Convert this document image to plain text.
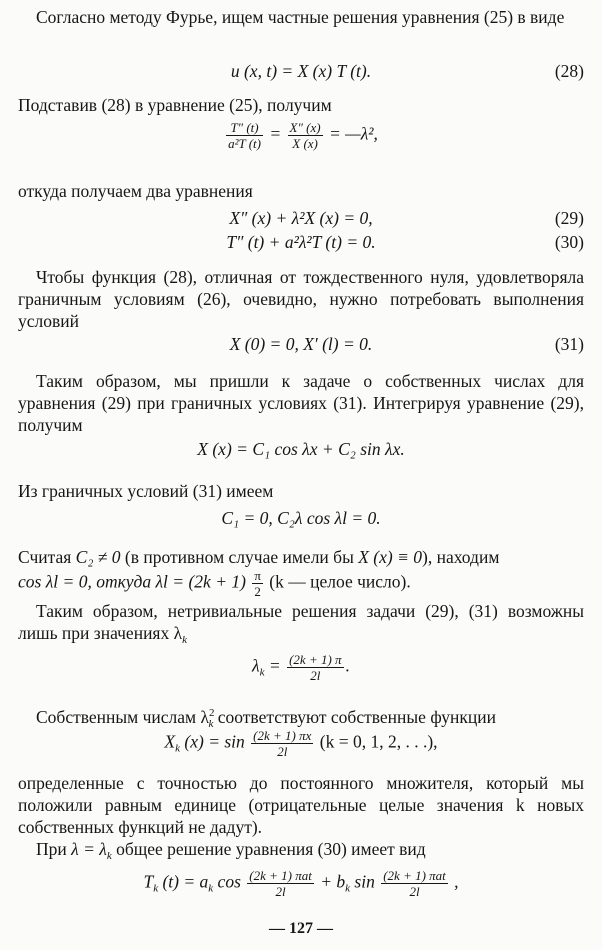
Согласно методу Фурье, ищем частные решения уравнения (25) в виде
u (x, t) = X (x) T (t).	(28)
Подставив (28) в уравнение (25), получим
$\frac{T'' (t)}{\text{a²T (t)}} = \frac{X'' (x)}{X (x)}$ = —λ²,
откуда получаем два уравнения
X″ (x) + λ²X (x) = 0,	(29)
T″ (t) + a²λ²T (t) = 0.	(30)
Чтобы функция (28), отличная от тождественного нуля, удовлетворяла граничным условиям (26), очевидно, нужно потребовать выполнения условий
X (0) = 0, X′ (l) = 0.	(31)
Таким образом, мы пришли к задаче о собственных числах для уравнения (29) при граничных условиях (31). Интегрируя уравнение (29), получим
X (x) = C₁ cos λx + C₂ sin λx.
Из граничных условий (31) имеем
C₁ = 0, C₂λ cos λl = 0.
Считая C₂ ≠ 0 (в противном случае имели бы X (x) ≡ 0), находим
cos λl = 0, откуда $\lambda l = (2k + 1) \frac{\pi}{2} (k$ — целое число).
Таким образом, нетривиальные решения задачи (29), (31) возможны лишь при значениях $\lambda_k$
$\lambda_k = \frac{(2k + 1) \pi}{2l}$ .
Собственным числам $\lambda^2_k$ соответствуют собственные функции
$X_k$ $(x) = \sin \frac{(2k + 1) \pi x}{2l} (k = 0$, 1, 2, . . .),
определенные с точностью до постоянного множителя, который мы положили равным единице (отрицательные целые значения k новых собственных функций не дадут).
При $\lambda = \lambda_k$ общее решение уравнения (30) имеет вид
$T_k$ $(t) = a_k$ $\cos \frac{\text{(2k + 1) πat}}{2l} + b_k$ $\sin \frac{\text{(2k + 1) πat}}{2l}$ ,
— 127 —
